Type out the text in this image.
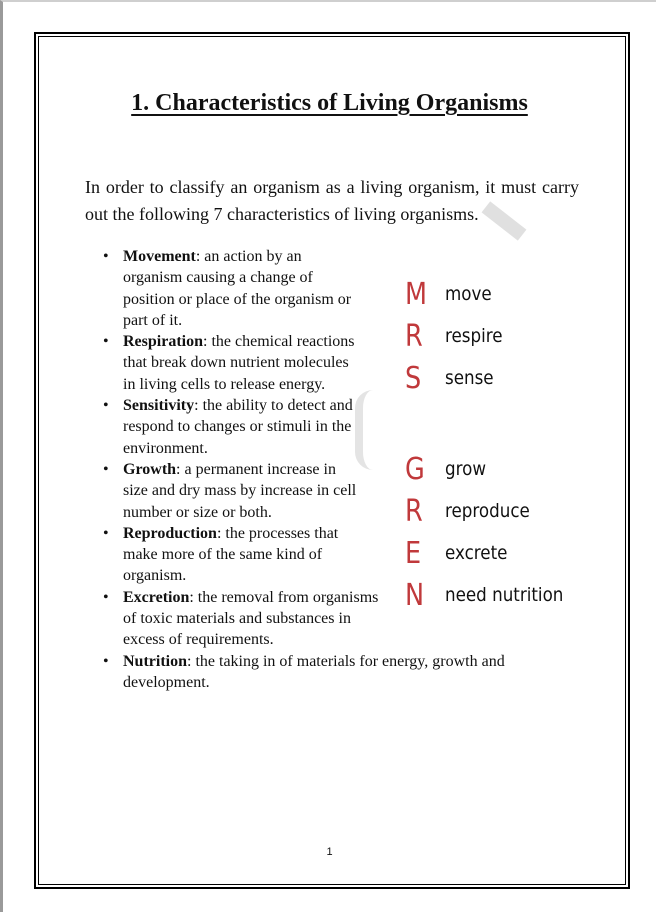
1. Characteristics of Living Organisms
In order to classify an organism as a living organism, it must carry out the following 7 characteristics of living organisms.
• Movement: an action by an organism causing a change of position or place of the organism or part of it.
• Respiration: the chemical reactions that break down nutrient molecules in living cells to release energy.
• Sensitivity: the ability to detect and respond to changes or stimuli in the environment.
• Growth: a permanent increase in size and dry mass by increase in cell number or size or both.
• Reproduction: the processes that make more of the same kind of organism.
• Excretion: the removal from organisms of toxic materials and substances in excess of requirements.
• Nutrition: the taking in of materials for energy, growth and development.
M move
R	respire
S	sense
G	grow
R	reproduce
E	excrete
N	need nutrition
1
